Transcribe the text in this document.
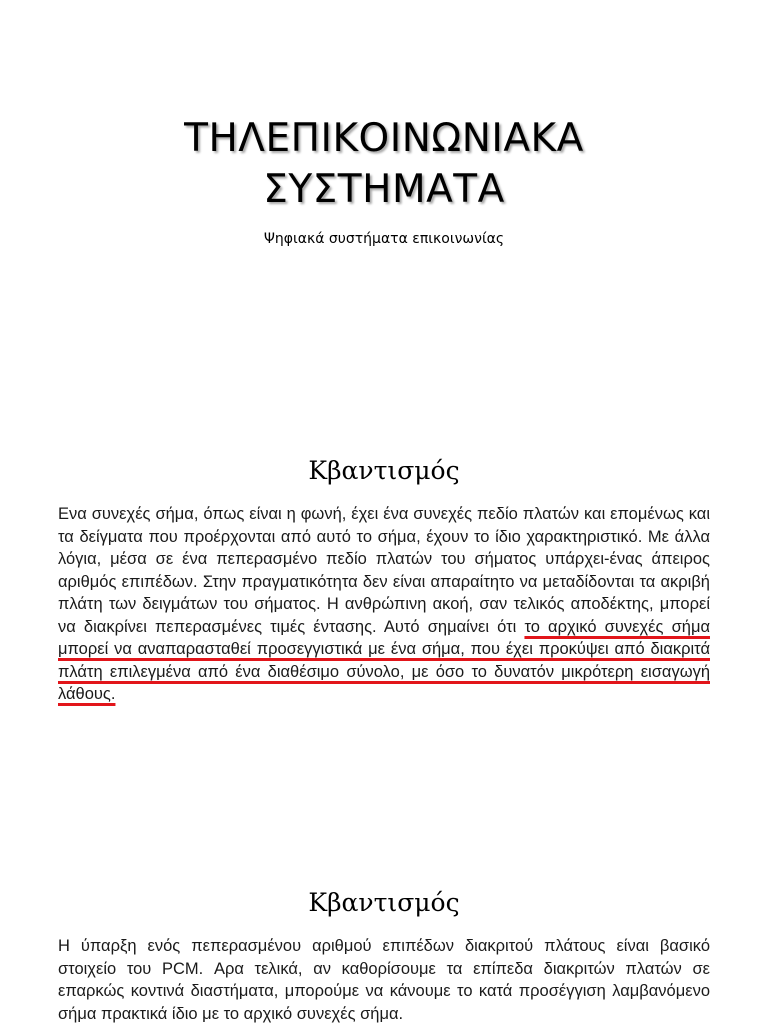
ΤΗΛΕΠΙΚΟΙΝΩΝΙΑΚΑ
ΣΥΣΤΗΜΑΤΑ
Ψηφιακά συστήματα επικοινωνίας
Κβαντισμός
Ενα συνεχές σήμα, όπως είναι η φωνή, έχει ένα συνεχές πεδίο πλατών και επομένως και τα δείγματα που προέρχονται από αυτό το σήμα, έχουν το ίδιο χαρακτηριστικό. Με άλλα λόγια, μέσα σε ένα πεπερασμένο πεδίο πλατών του σήματος υπάρχει-ένας άπειρος αριθμός επιπέδων. Στην πραγματικότητα δεν είναι απαραίτητο να μεταδίδονται τα ακριβή πλάτη των δειγμάτων του σήματος. Η ανθρώπινη ακοή, σαν τελικός αποδέκτης, μπορεί να διακρίνει πεπερασμένες τιμές έντασης. Αυτό σημαίνει ότι το αρχικό συνεχές σήμα μπορεί να αναπαρασταθεί προσεγγιστικά με ένα σήμα, που έχει προκύψει από διακριτά πλάτη επιλεγμένα από ένα διαθέσιμο σύνολο, με όσο το δυνατόν μικρότερη εισαγωγή λάθους.
Κβαντισμός
Η ύπαρξη ενός πεπερασμένου αριθμού επιπέδων διακριτού πλάτους είναι βασικό στοιχείο του PCM. Αρα τελικά, αν καθορίσουμε τα επίπεδα διακριτών πλατών σε επαρκώς κοντινά διαστήματα, μπορούμε να κάνουμε το κατά προσέγγιση λαμβανόμενο σήμα πρακτικά ίδιο με το αρχικό συνεχές σήμα.
